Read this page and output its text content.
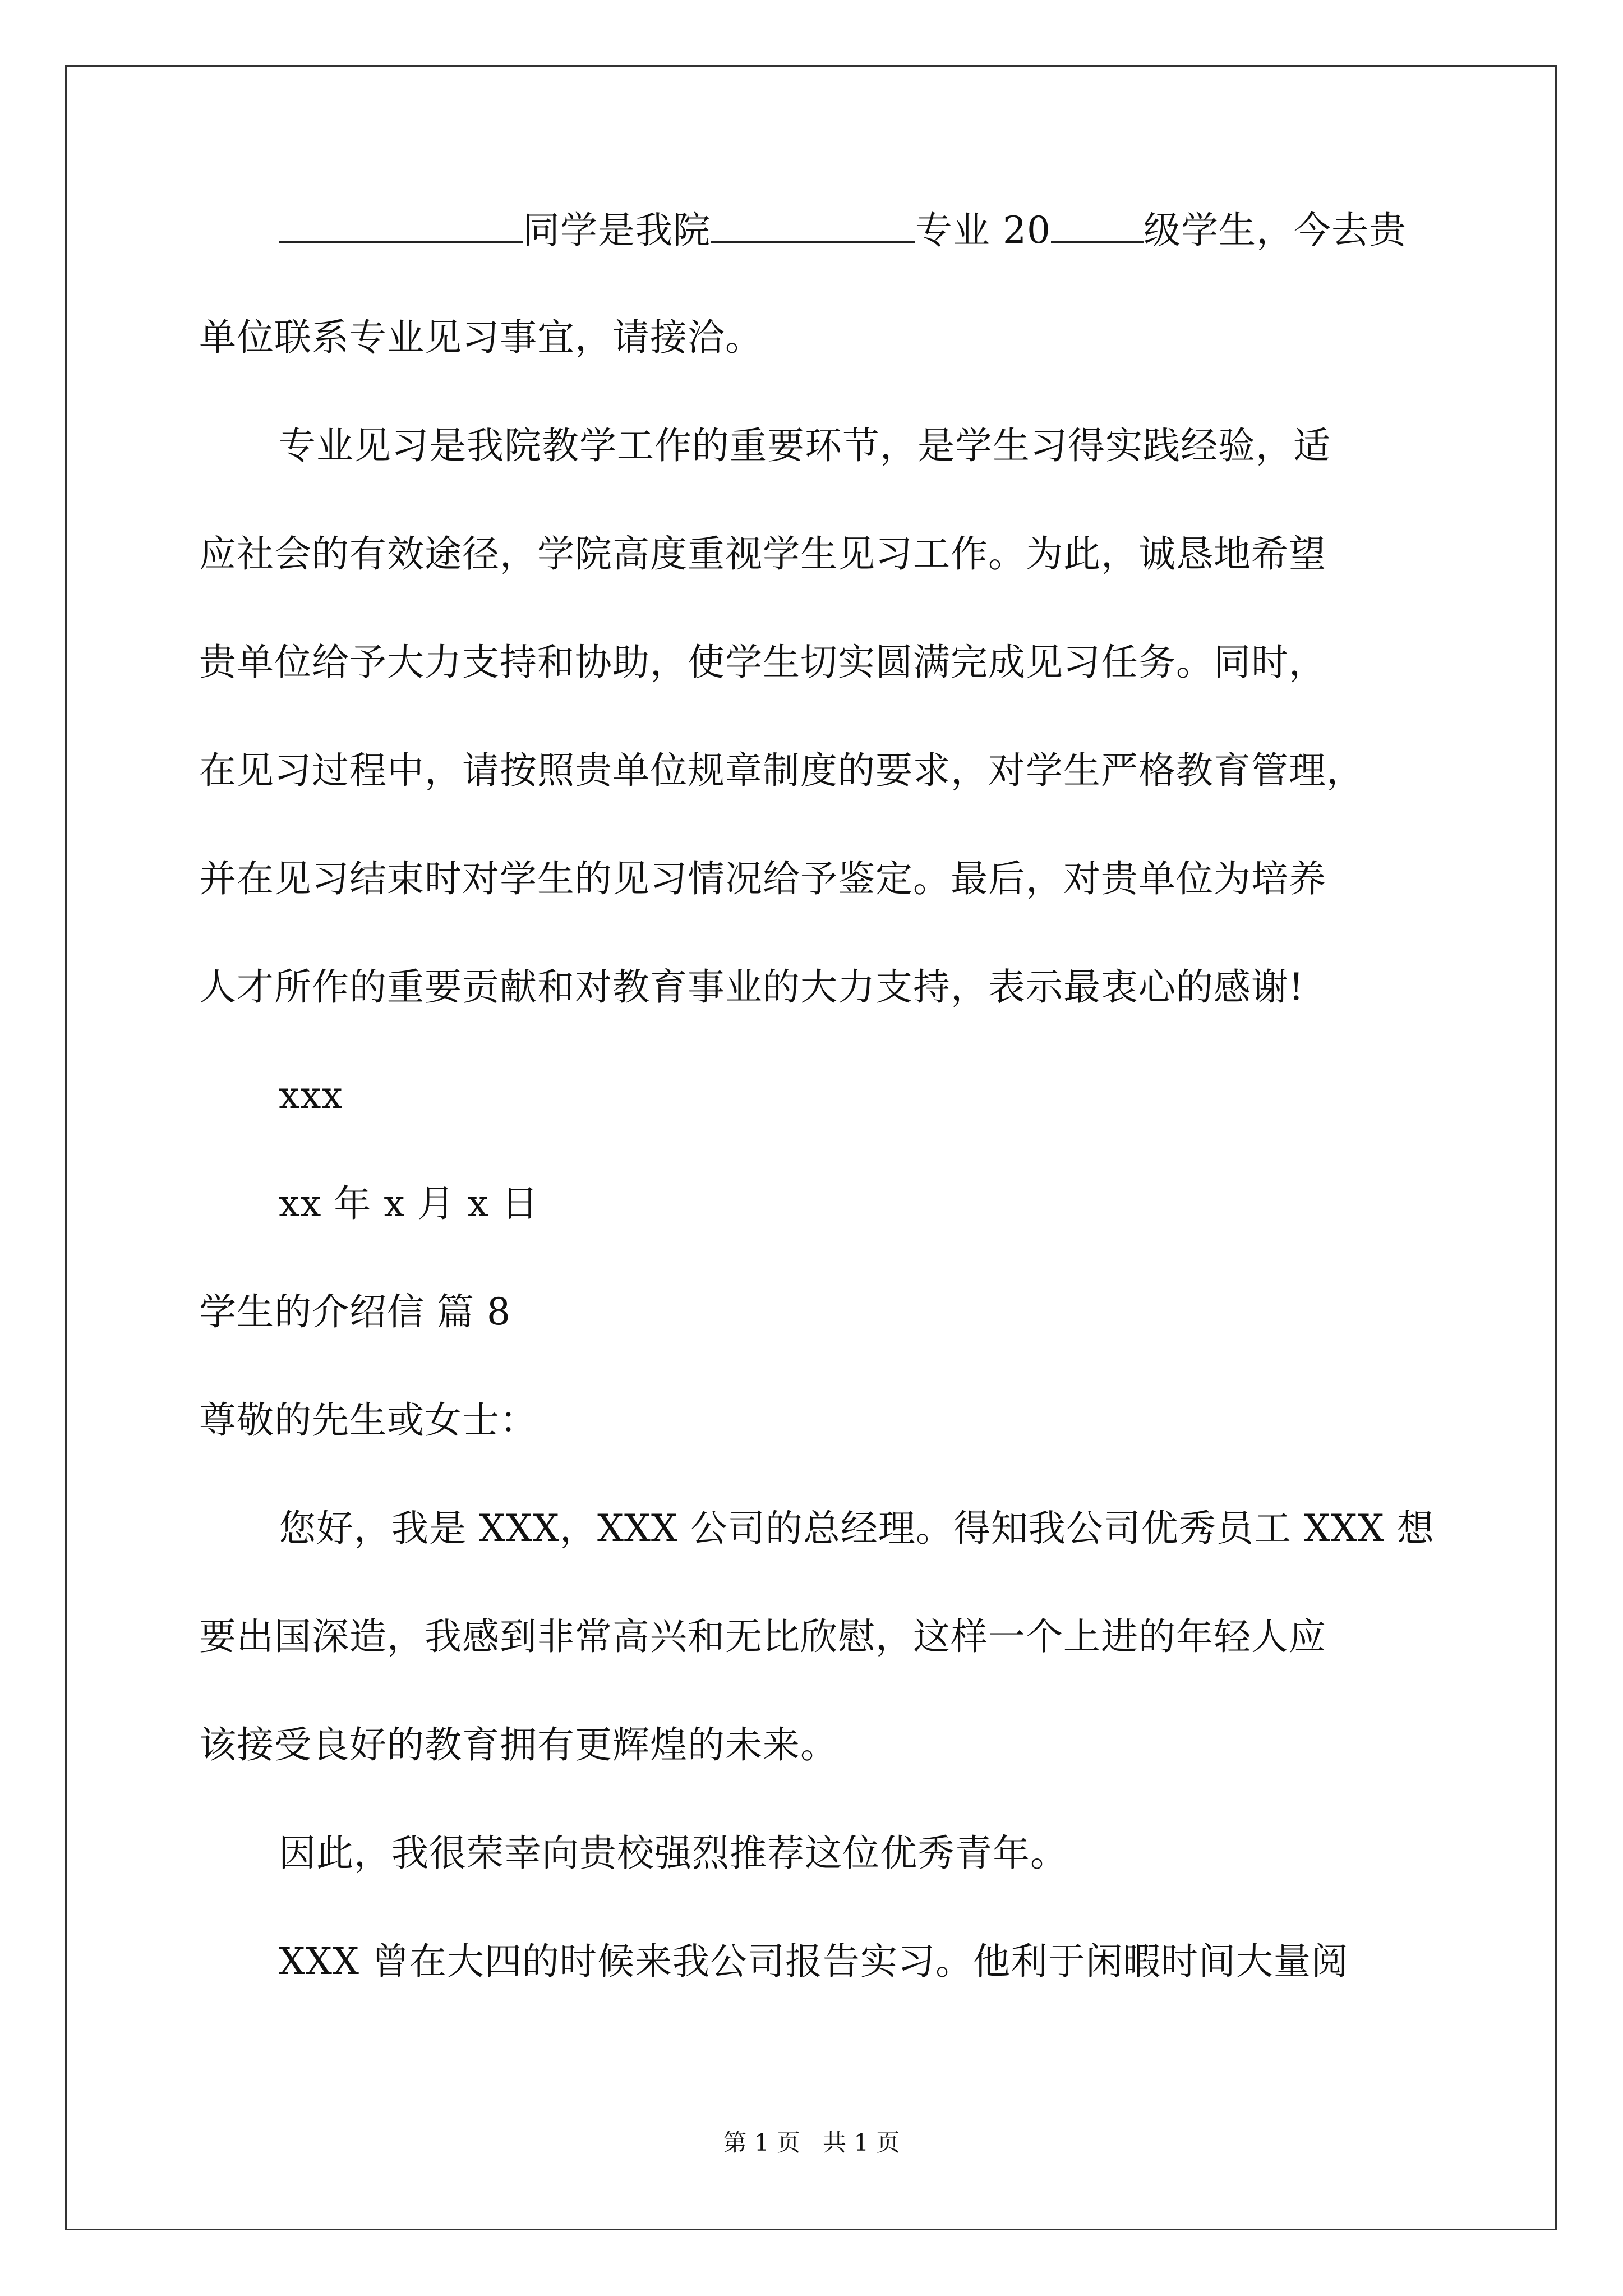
同学是我院	专业 20	级学生，今去贵
单位联系专业见习事宜，请接洽。
专业见习是我院教学工作的重要环节，是学生习得实践经验，适
应社会的有效途径，学院高度重视学生见习工作。为此，诚恳地希望
贵单位给予大力支持和协助，使学生切实圆满完成见习任务。同时，
在见习过程中，请按照贵单位规章制度的要求，对学生严格教育管理，
并在见习结束时对学生的见习情况给予鉴定。最后，对贵单位为培养
人才所作的重要贡献和对教育事业的大力支持，表示最衷心的感谢!
xxx
xx 年 x 月 x 日
学生的介绍信 篇 8
尊敬的先生或女士：
您好，我是 XXX，XXX 公司的总经理。得知我公司优秀员工 XXX 想
要出国深造，我感到非常高兴和无比欣慰，这样一个上进的年轻人应
该接受良好的教育拥有更辉煌的未来。
因此，我很荣幸向贵校强烈推荐这位优秀青年。
XXX 曾在大四的时候来我公司报告实习。他利于闲暇时间大量阅
第 1 页   共 1 页
